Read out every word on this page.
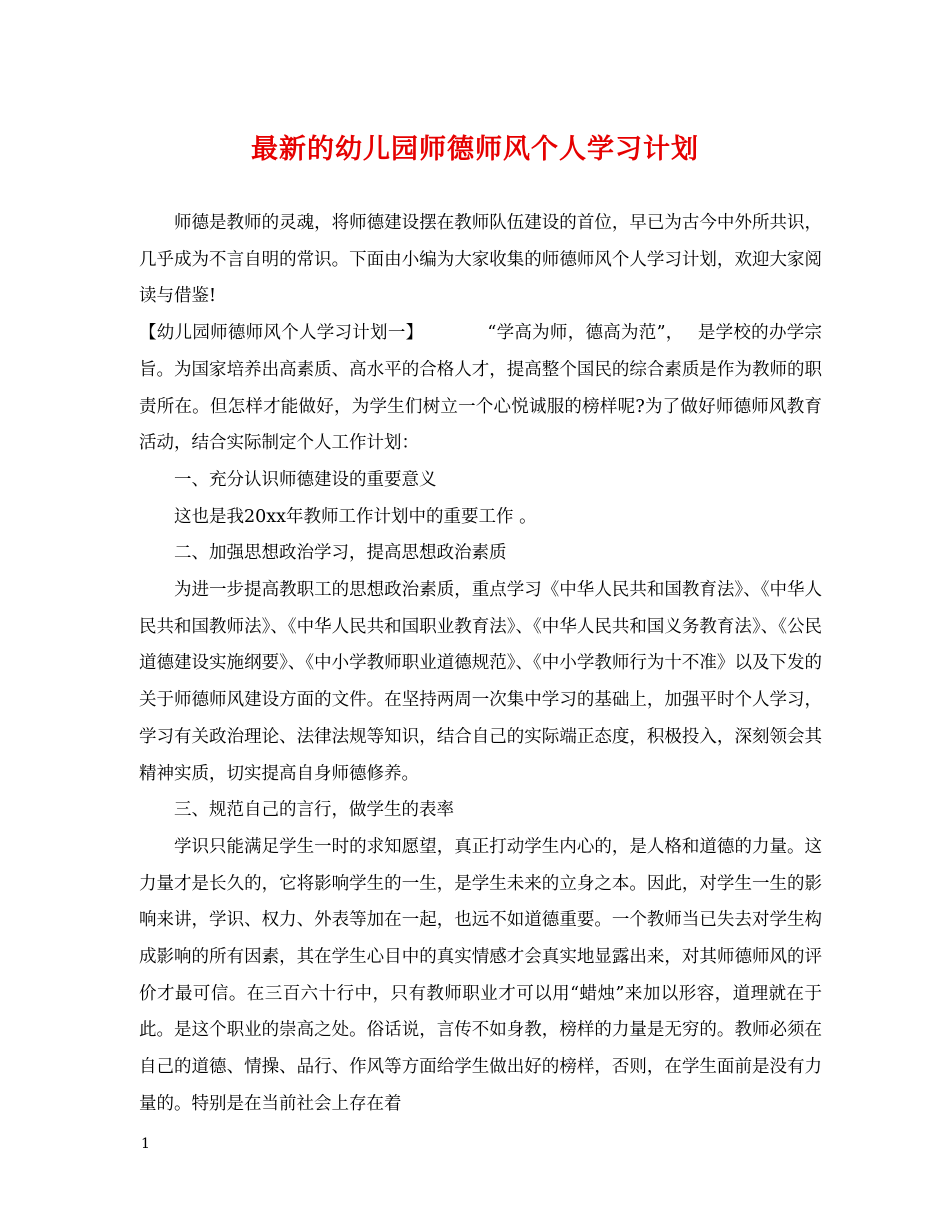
最新的幼儿园师德师风个人学习计划

师德是教师的灵魂，将师德建设摆在教师队伍建设的首位，早已为古今中外所共识，几乎成为不言自明的常识。下面由小编为大家收集的师德师风个人学习计划，欢迎大家阅读与借鉴!

【幼儿园师德师风个人学习计划一】	“学高为师，德高为范”， 是学校的办学宗旨。为国家培养出高素质、高水平的合格人才，提高整个国民的综合素质是作为教师的职责所在。但怎样才能做好，为学生们树立一个心悦诚服的榜样呢?为了做好师德师风教育活动，结合实际制定个人工作计划：

一、充分认识师德建设的重要意义

这也是我20xx年教师工作计划中的重要工作 。

二、加强思想政治学习，提高思想政治素质

为进一步提高教职工的思想政治素质，重点学习《中华人民共和国教育法》、《中华人民共和国教师法》、《中华人民共和国职业教育法》、《中华人民共和国义务教育法》、《公民道德建设实施纲要》、《中小学教师职业道德规范》、《中小学教师行为十不准》以及下发的关于师德师风建设方面的文件。在坚持两周一次集中学习的基础上，加强平时个人学习，学习有关政治理论、法律法规等知识，结合自己的实际端正态度，积极投入，深刻领会其精神实质，切实提高自身师德修养。

三、规范自己的言行，做学生的表率

学识只能满足学生一时的求知愿望，真正打动学生内心的，是人格和道德的力量。这力量才是长久的，它将影响学生的一生，是学生未来的立身之本。因此，对学生一生的影响来讲，学识、权力、外表等加在一起，也远不如道德重要。一个教师当已失去对学生构成影响的所有因素，其在学生心目中的真实情感才会真实地显露出来，对其师德师风的评价才最可信。在三百六十行中，只有教师职业才可以用“蜡烛”来加以形容，道理就在于此。是这个职业的崇高之处。俗话说，言传不如身教，榜样的力量是无穷的。教师必须在自己的道德、情操、品行、作风等方面给学生做出好的榜样，否则，在学生面前是没有力量的。特别是在当前社会上存在着

1
